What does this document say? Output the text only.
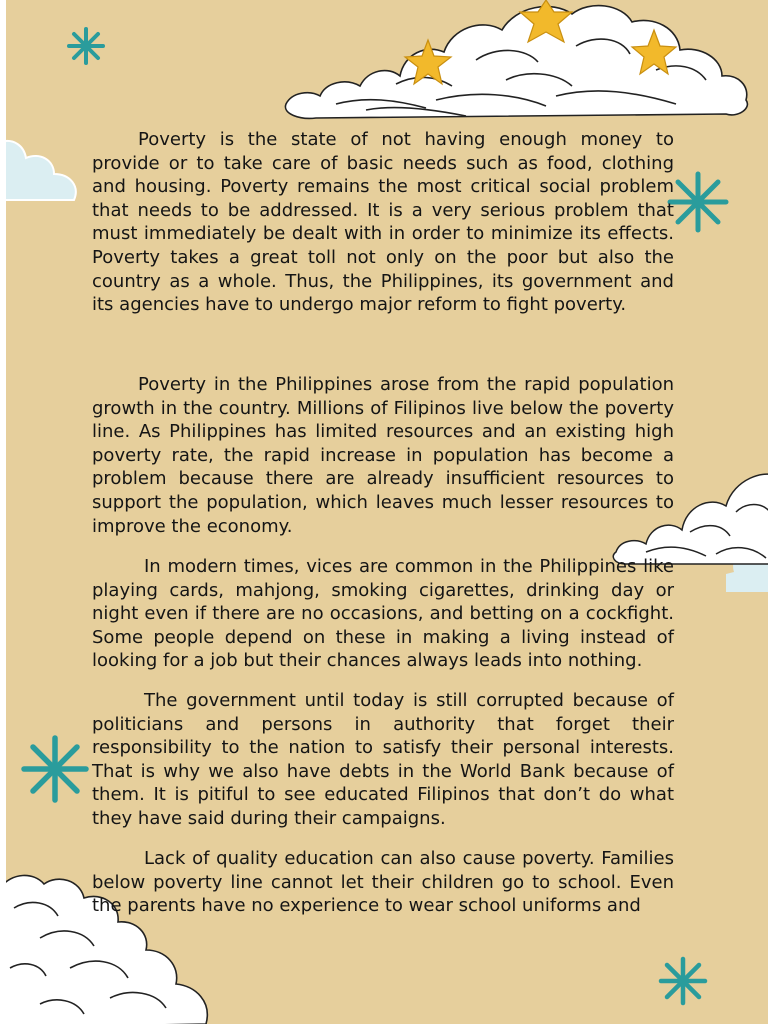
Poverty is the state of not having enough money to provide or to take care of basic needs such as food, clothing and housing. Poverty remains the most critical social problem that needs to be addressed. It is a very serious problem that must immediately be dealt with in order to minimize its effects. Poverty takes a great toll not only on the poor but also the country as a whole. Thus, the Philippines, its government and its agencies have to undergo major reform to fight poverty.

Poverty in the Philippines arose from the rapid population growth in the country. Millions of Filipinos live below the poverty line. As Philippines has limited resources and an existing high poverty rate, the rapid increase in population has become a problem because there are already insufficient resources to support the population, which leaves much lesser resources to improve the economy.

In modern times, vices are common in the Philippines like playing cards, mahjong, smoking cigarettes, drinking day or night even if there are no occasions, and betting on a cockfight. Some people depend on these in making a living instead of looking for a job but their chances always leads into nothing.

The government until today is still corrupted because of politicians and persons in authority that forget their responsibility to the nation to satisfy their personal interests. That is why we also have debts in the World Bank because of them. It is pitiful to see educated Filipinos that don’t do what they have said during their campaigns.

Lack of quality education can also cause poverty. Families below poverty line cannot let their children go to school. Even the parents have no experience to wear school uniforms and
